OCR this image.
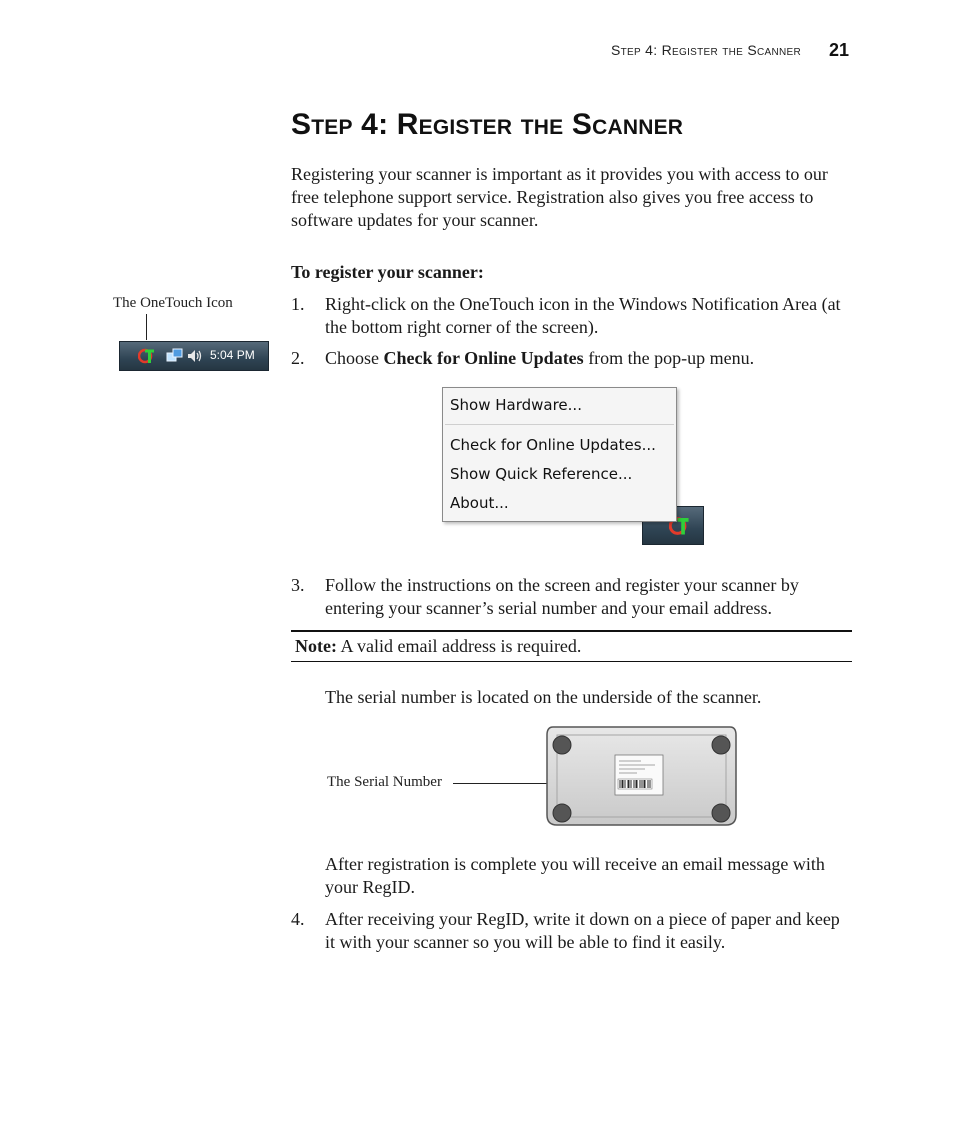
Step 4: Register the Scanner 21
Step 4: Register the Scanner
Registering your scanner is important as it provides you with access to our free telephone support service. Registration also gives you free access to software updates for your scanner.
To register your scanner:
The OneTouch Icon
5:04 PM
1. Right-click on the OneTouch icon in the Windows Notification Area (at the bottom right corner of the screen).
2. Choose Check for Online Updates from the pop-up menu.
Show Hardware...
Check for Online Updates...
Show Quick Reference...
About...
3. Follow the instructions on the screen and register your scanner by entering your scanner’s serial number and your email address.
Note: A valid email address is required.
The serial number is located on the underside of the scanner.
The Serial Number
After registration is complete you will receive an email message with your RegID.
4. After receiving your RegID, write it down on a piece of paper and keep it with your scanner so you will be able to find it easily.
